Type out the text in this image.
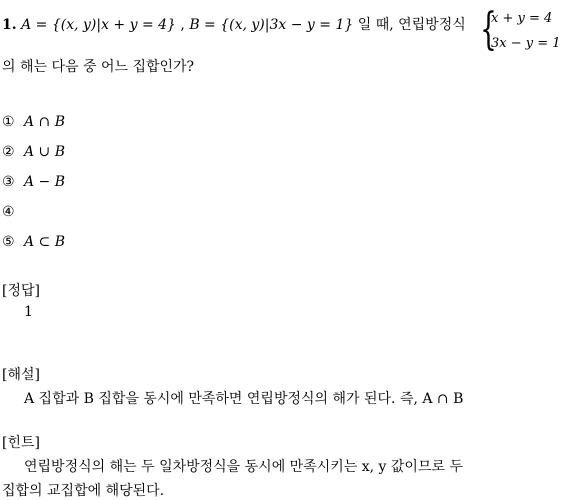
1. A = {(x, y)|x + y = 4} , B = {(x, y)|3x − y = 1} 일 때, 연립방정식 {
x + y = 4
3x − y = 1
의 해는 다음 중 어느 집합인가?
① A ∩ B
② A ∪ B
③ A − B
④
⑤ A ⊂ B
[정답]
1
[해설]
A 집합과 B 집합을 동시에 만족하면 연립방정식의 해가 된다. 즉, A ∩ B
[힌트]
연립방정식의 해는 두 일차방정식을 동시에 만족시키는 x, y 값이므로 두
집합의 교집합에 해당된다.
